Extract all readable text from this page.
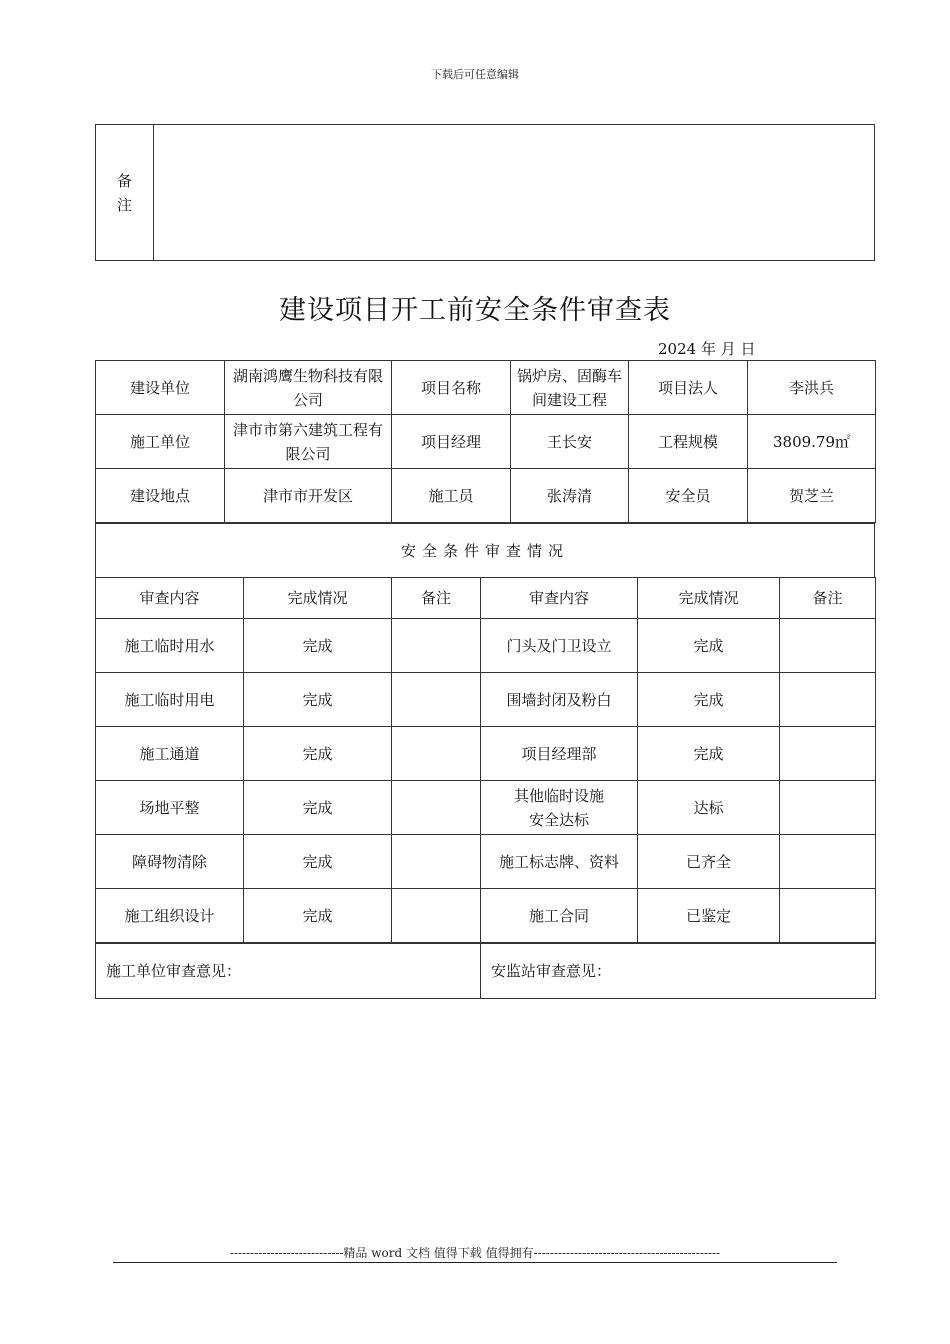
下载后可任意编辑
备
注

建设项目开工前安全条件审查表
2024 年 月 日
建设单位	湖南鸿鹰生物科技有限公司	项目名称	锅炉房、固酶车间建设工程	项目法人	李洪兵
施工单位	津市市第六建筑工程有限公司	项目经理	王长安	工程规模	3809.79㎡
建设地点	津市市开发区	施工员	张涛清	安全员	贺芝兰
安全条件审查情况
审查内容	完成情况	备注	审查内容	完成情况	备注
施工临时用水	完成		门头及门卫设立	完成	
施工临时用电	完成		围墙封闭及粉白	完成	
施工通道	完成		项目经理部	完成	
场地平整	完成		其他临时设施安全达标	达标	
障碍物清除	完成		施工标志牌、资料	已齐全	
施工组织设计	完成		施工合同	已鉴定	
施工单位审查意见：	安监站审查意见：
----------------------------精品 word 文档 值得下载 值得拥有----------------------------------------------
